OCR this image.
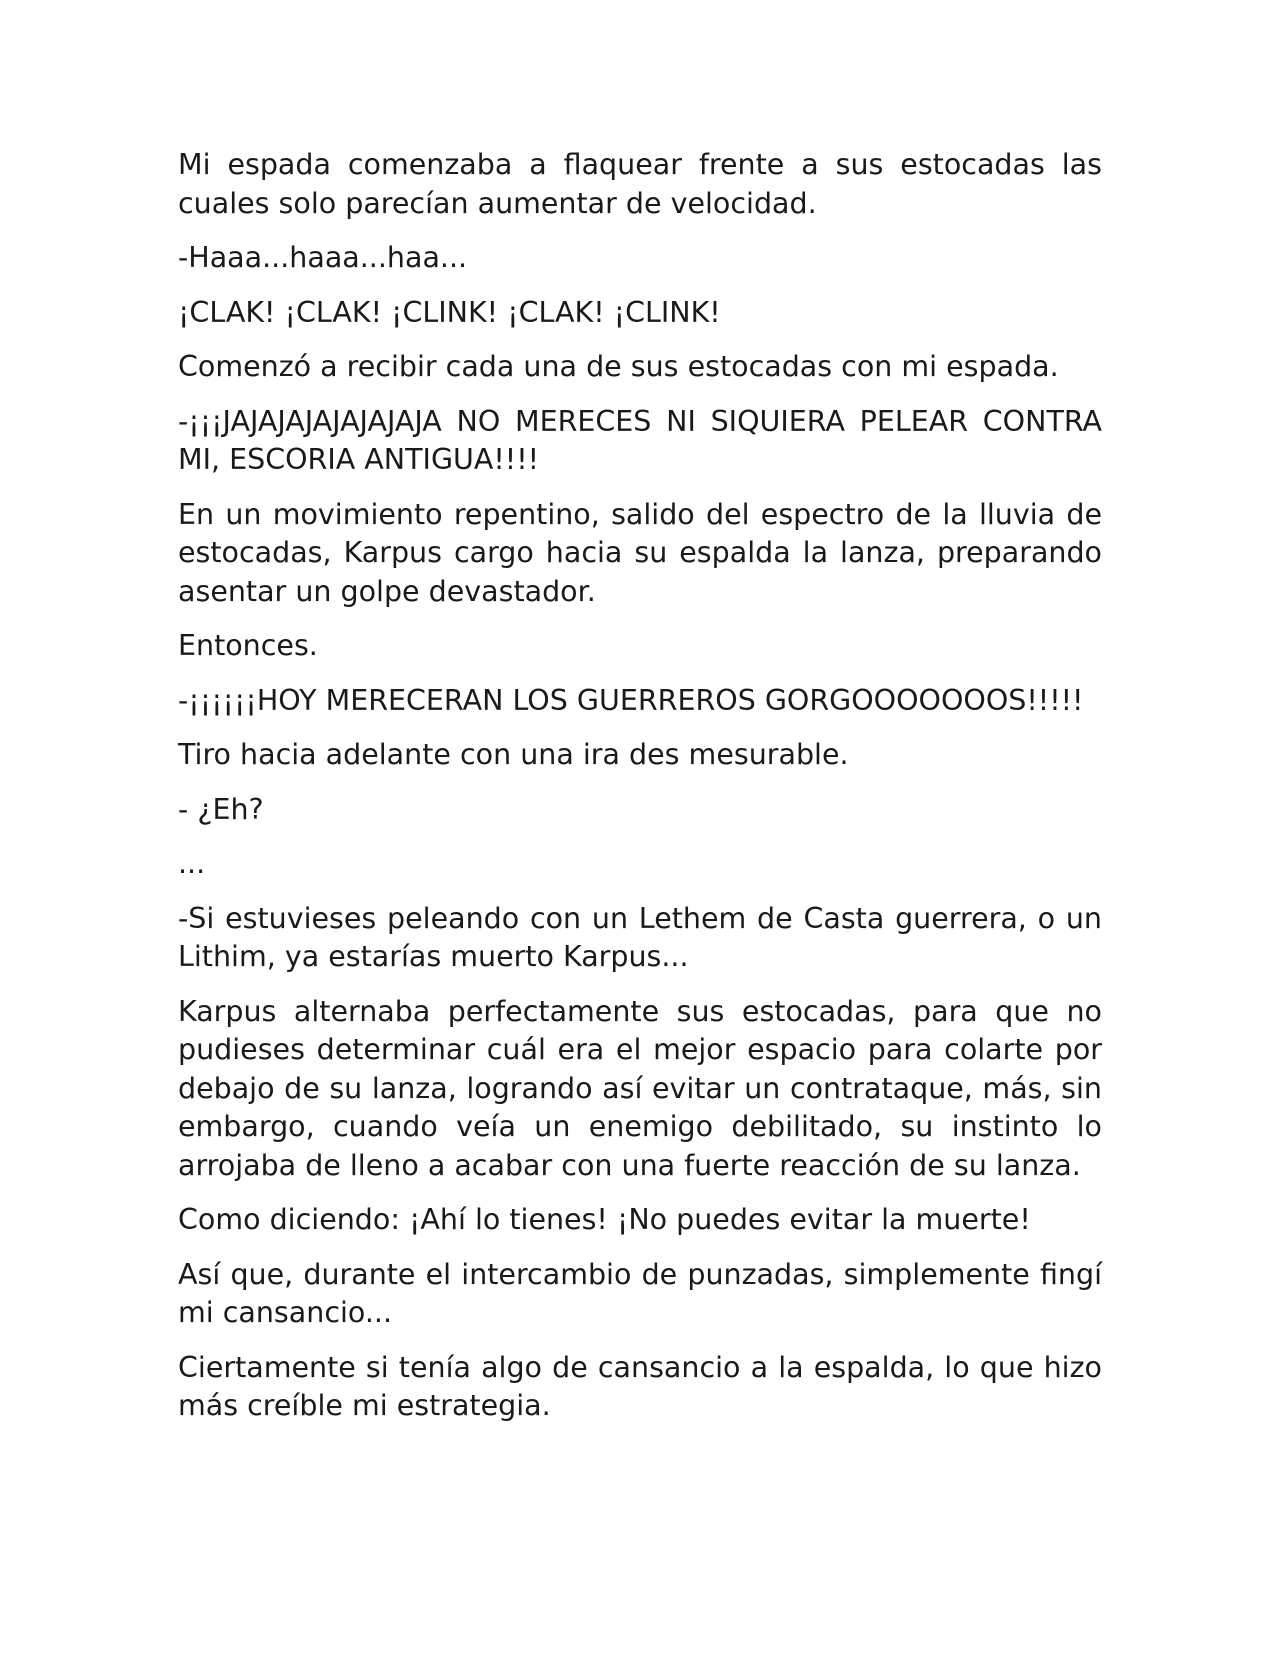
Mi espada comenzaba a flaquear frente a sus estocadas las cuales solo parecían aumentar de velocidad.

-Haaa...haaa...haa...

¡CLAK! ¡CLAK! ¡CLINK! ¡CLAK! ¡CLINK!

Comenzó a recibir cada una de sus estocadas con mi espada.

-¡¡¡JAJAJAJAJAJAJAJA NO MERECES NI SIQUIERA PELEAR CONTRA MI, ESCORIA ANTIGUA!!!!

En un movimiento repentino, salido del espectro de la lluvia de estocadas, Karpus cargo hacia su espalda la lanza, preparando asentar un golpe devastador.

Entonces.

-¡¡¡¡¡¡HOY MERECERAN LOS GUERREROS GORGOOOOOOOS!!!!!

Tiro hacia adelante con una ira des mesurable.

- ¿Eh?

...

-Si estuvieses peleando con un Lethem de Casta guerrera, o un Lithim, ya estarías muerto Karpus...

Karpus alternaba perfectamente sus estocadas, para que no pudieses determinar cuál era el mejor espacio para colarte por debajo de su lanza, logrando así evitar un contrataque, más, sin embargo, cuando veía un enemigo debilitado, su instinto lo arrojaba de lleno a acabar con una fuerte reacción de su lanza.

Como diciendo: ¡Ahí lo tienes! ¡No puedes evitar la muerte!

Así que, durante el intercambio de punzadas, simplemente fingí mi cansancio...

Ciertamente si tenía algo de cansancio a la espalda, lo que hizo más creíble mi estrategia.
